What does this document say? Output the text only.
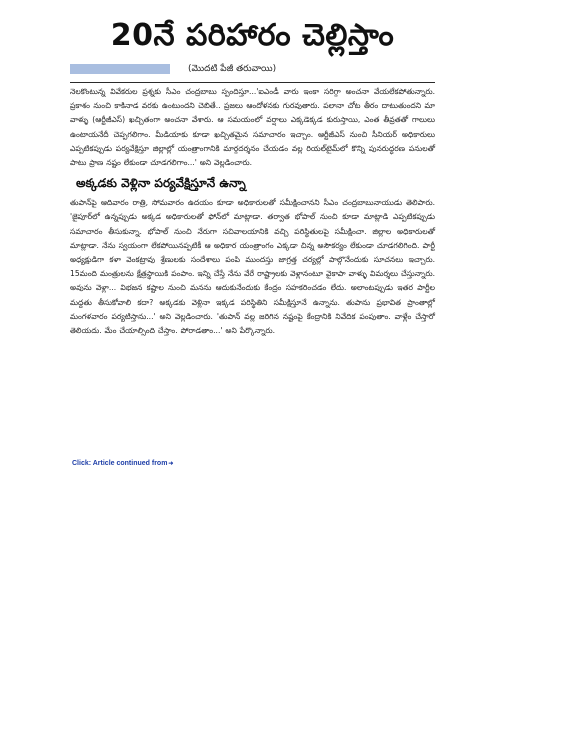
20నే పరిహారం చెల్లిస్తాం
(మొదటి పేజీ తరువాయి)

నెలకొంటున్న వివేకరుల ప్రశ్నకు సీఎం చంద్రబాబు స్పందిస్తూ...'ఐఎండీ వారు ఇంకా సరిగ్గా అంచనా వేయలేకపోతున్నారు. ప్రకాశం నుంచి కాకినాడ వరకు ఉంటుందని చెబితే.. ప్రజలు ఆందోళనకు గురవుతారు. పలానా చోట తీరం దాటుతుందని మా వాళ్ళు (ఆర్టీజీఎస్) ఖచ్చితంగా అంచనా వేశారు. ఆ సమయంలో వర్షాలు ఎక్కడెక్కడ కురుస్తాయి, ఎంత తీవ్రతతో గాలులు ఉంటాయనేదీ చెప్పగలిగాం. మీడియాకు కూడా ఖచ్చితమైన సమాచారం ఇచ్చాం. ఆర్టీజీఎస్ నుంచి సీనియర్ అధికారులు ఎప్పటికప్పుడు పర్యవేక్షిస్తూ జిల్లాల్లో యంత్రాంగానికి మార్గదర్శనం చేయడం వల్ల రియల్‌టైమ్‌లో కొన్ని పునరుద్ధరణ పనులతో పాటు ప్రాణ నష్టం లేకుండా చూడగలిగాం...' అని వెల్లడించారు.

అక్కడకు వెళ్లినా పర్యవేక్షిస్తూనే ఉన్నా

తుపాన్‌పై ఆదివారం రాత్రి, సోమవారం ఉదయం కూడా అధికారులతో సమీక్షించానని సీఎం చంద్రబాబునాయుడు తెలిపారు. 'జైపూర్‌లో ఉన్నప్పుడు అక్కడ అధికారులతో ఫోన్‌లో మాట్లాడా. తర్వాత భోపాల్ నుంచి కూడా మాట్లాడి ఎప్పటికప్పుడు సమాచారం తీసుకున్నా. భోపాల్ నుంచి నేరుగా సచివాలయానికి వచ్చి పరిస్థితులపై సమీక్షించా. జిల్లాల అధికారులతో మాట్లాడా. నేను స్వయంగా లేకపోయినప్పటికీ ఆ అధికార యంత్రాంగం ఎక్కడా చిన్న అసౌకర్యం లేకుండా చూడగలిగింది. పార్టీ అధ్యక్షుడిగా కళా వెంకట్రావు శ్రేణులకు సందేశాలు పంపి ముందస్తు జాగ్రత్త చర్యల్లో పాల్గొనేందుకు సూచనలు ఇచ్చారు. 15మంది మంత్రులను క్షేత్రస్థాయికి పంపాం. ఇన్ని చేస్తే నేను వేరే రాష్ట్రాలకు వెళ్లానంటూ వైకాపా వాళ్ళు విమర్శలు చేస్తున్నారు. అవును వెళ్లా... విభజన కష్టాల నుంచి మనను ఆదుకునేందుకు కేంద్రం సహకరించడం లేదు. అలాంటప్పుడు ఇతర పార్టీల మద్దతు తీసుకోవాలి కదా? అక్కడకు వెళ్లినా ఇక్కడ పరిస్థితిని సమీక్షిస్తూనే ఉన్నాను. తుపాను ప్రభావిత ప్రాంతాల్లో మంగళవారం పర్యటిస్తాను...' అని వెల్లడించారు. 'తుపాన్ వల్ల జరిగిన నష్టంపై కేంద్రానికి నివేదిక పంపుతాం. వాళ్లేం చేస్తారో తెలియదు. మేం చేయాల్సింది చేస్తాం. పోరాడతాం...' అని పేర్కొన్నారు.

Click: Article continued from➜
